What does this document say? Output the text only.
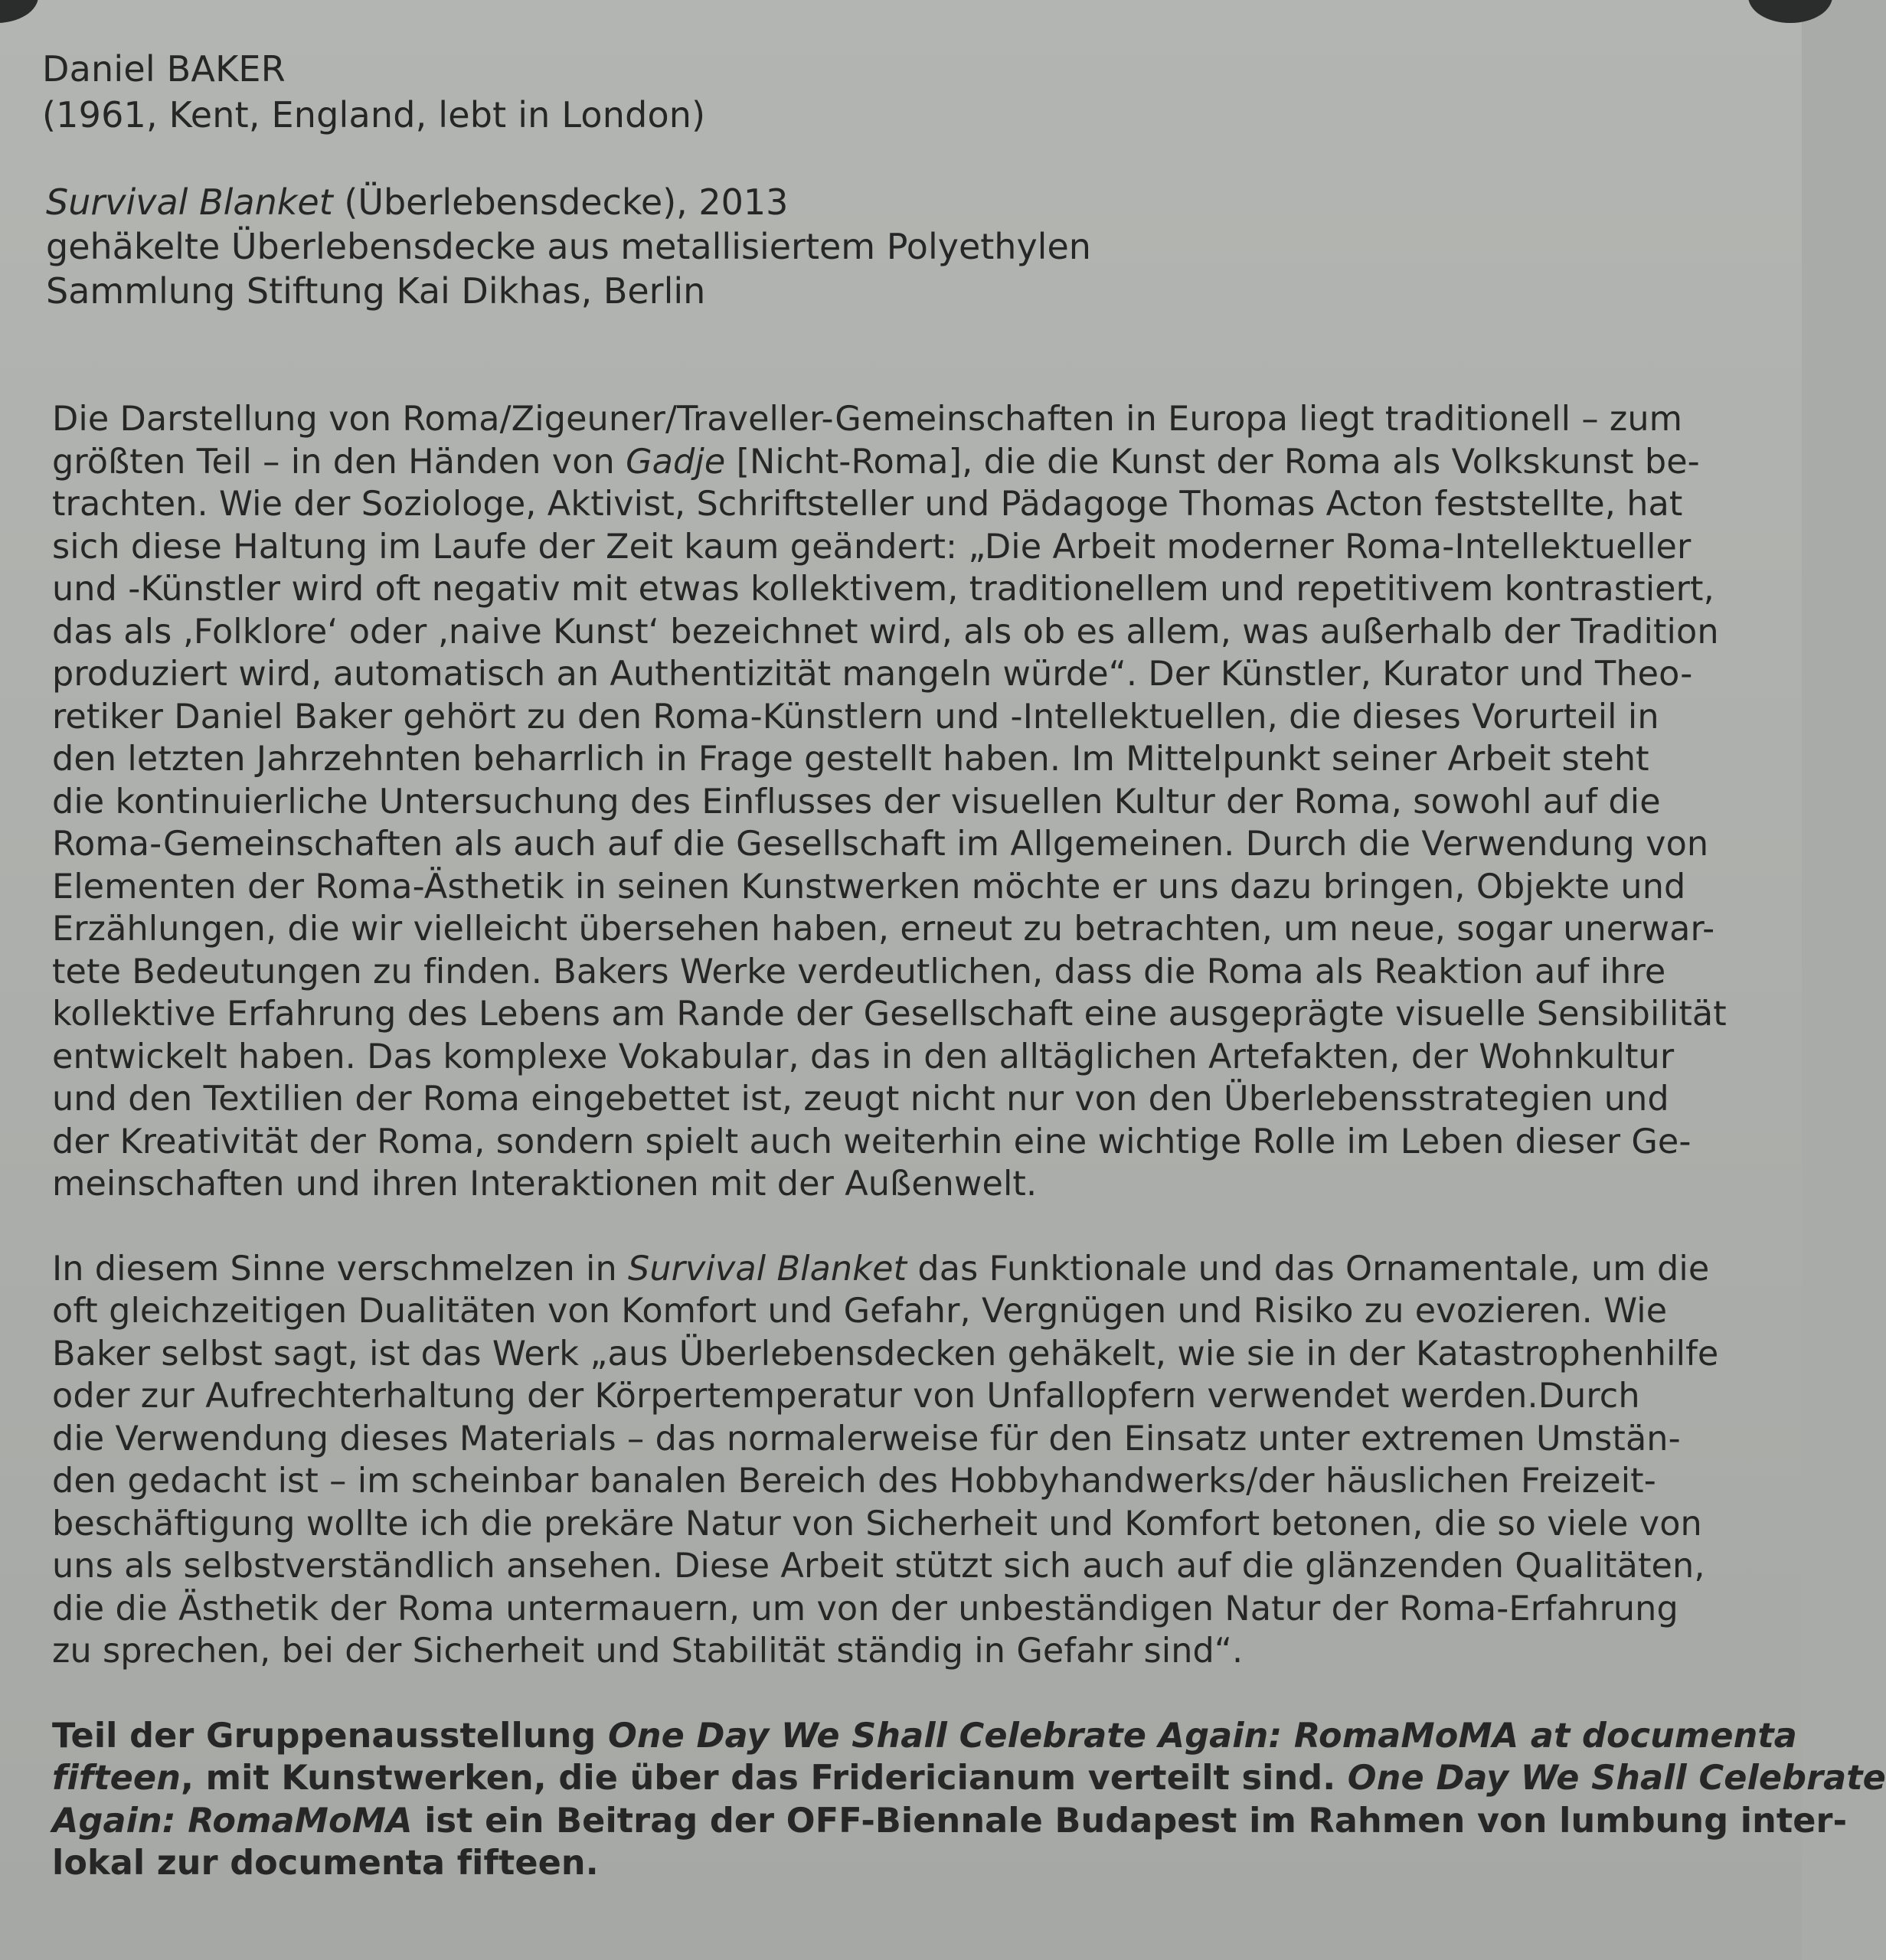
Daniel BAKER
(1961, Kent, England, lebt in London)
Survival Blanket (Überlebensdecke), 2013
gehäkelte Überlebensdecke aus metallisiertem Polyethylen
Sammlung Stiftung Kai Dikhas, Berlin
Die Darstellung von Roma/Zigeuner/Traveller-Gemeinschaften in Europa liegt traditionell – zum
größten Teil – in den Händen von Gadje [Nicht-Roma], die die Kunst der Roma als Volkskunst be-
trachten. Wie der Soziologe, Aktivist, Schriftsteller und Pädagoge Thomas Acton feststellte, hat
sich diese Haltung im Laufe der Zeit kaum geändert: „Die Arbeit moderner Roma-Intellektueller
und -Künstler wird oft negativ mit etwas kollektivem, traditionellem und repetitivem kontrastiert,
das als ‚Folklore‘ oder ‚naive Kunst‘ bezeichnet wird, als ob es allem, was außerhalb der Tradition
produziert wird, automatisch an Authentizität mangeln würde“. Der Künstler, Kurator und Theo-
retiker Daniel Baker gehört zu den Roma-Künstlern und -Intellektuellen, die dieses Vorurteil in
den letzten Jahrzehnten beharrlich in Frage gestellt haben. Im Mittelpunkt seiner Arbeit steht
die kontinuierliche Untersuchung des Einflusses der visuellen Kultur der Roma, sowohl auf die
Roma-Gemeinschaften als auch auf die Gesellschaft im Allgemeinen. Durch die Verwendung von
Elementen der Roma-Ästhetik in seinen Kunstwerken möchte er uns dazu bringen, Objekte und
Erzählungen, die wir vielleicht übersehen haben, erneut zu betrachten, um neue, sogar unerwar-
tete Bedeutungen zu finden. Bakers Werke verdeutlichen, dass die Roma als Reaktion auf ihre
kollektive Erfahrung des Lebens am Rande der Gesellschaft eine ausgeprägte visuelle Sensibilität
entwickelt haben. Das komplexe Vokabular, das in den alltäglichen Artefakten, der Wohnkultur
und den Textilien der Roma eingebettet ist, zeugt nicht nur von den Überlebensstrategien und
der Kreativität der Roma, sondern spielt auch weiterhin eine wichtige Rolle im Leben dieser Ge-
meinschaften und ihren Interaktionen mit der Außenwelt.
In diesem Sinne verschmelzen in Survival Blanket das Funktionale und das Ornamentale, um die
oft gleichzeitigen Dualitäten von Komfort und Gefahr, Vergnügen und Risiko zu evozieren. Wie
Baker selbst sagt, ist das Werk „aus Überlebensdecken gehäkelt, wie sie in der Katastrophenhilfe
oder zur Aufrechterhaltung der Körpertemperatur von Unfallopfern verwendet werden.Durch
die Verwendung dieses Materials – das normalerweise für den Einsatz unter extremen Umstän-
den gedacht ist – im scheinbar banalen Bereich des Hobbyhandwerks/der häuslichen Freizeit-
beschäftigung wollte ich die prekäre Natur von Sicherheit und Komfort betonen, die so viele von
uns als selbstverständlich ansehen. Diese Arbeit stützt sich auch auf die glänzenden Qualitäten,
die die Ästhetik der Roma untermauern, um von der unbeständigen Natur der Roma-Erfahrung
zu sprechen, bei der Sicherheit und Stabilität ständig in Gefahr sind“.
Teil der Gruppenausstellung One Day We Shall Celebrate Again: RomaMoMA at documenta
fifteen, mit Kunstwerken, die über das Fridericianum verteilt sind. One Day We Shall Celebrate
Again: RomaMoMA ist ein Beitrag der OFF-Biennale Budapest im Rahmen von lumbung inter-
lokal zur documenta fifteen.
